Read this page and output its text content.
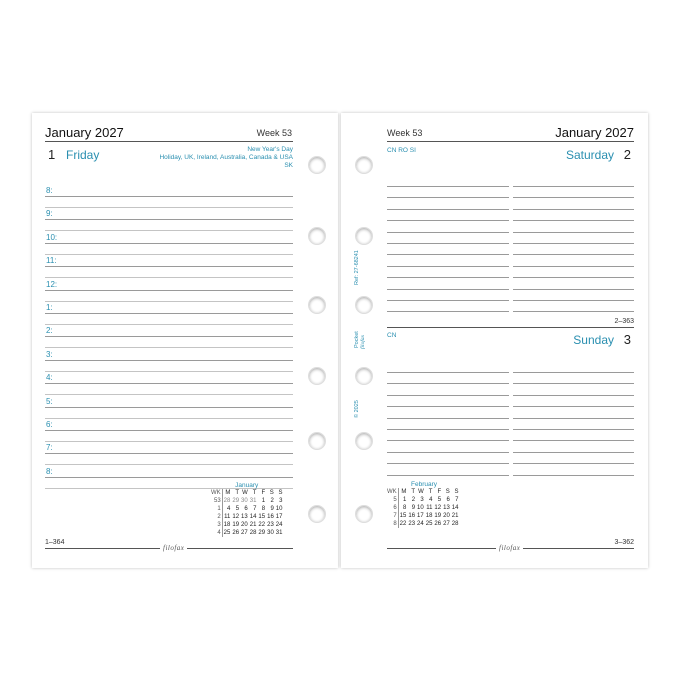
January 2027	Week 53
1 Friday	New Year's Day
Holiday, UK, Ireland, Australia, Canada & USA
SK
8:
9:
10:
11:
12:
1:
2:
3:
4:
5:
6:
7:
8:
January
WK	M	T	W	T	F	S	S
53	28	29	30	31	1	2	3
1	4	5	6	7	8	9	10
2	11	12	13	14	15	16	17
3	18	19	20	21	22	23	24
4	25	26	27	28	29	30	31
1–364
filofax
Week 53	January 2027
CN RO SI	Saturday 2
2–363
CN	Sunday 3
February
WK	M	T	W	T	F	S	S
5	1	2	3	4	5	6	7
6	8	9	10	11	12	13	14
7	15	16	17	18	19	20	21
8	22	23	24	25	26	27	28
filofax
3–362
Ref: 27-68241
Pocket filofax
© 2025
